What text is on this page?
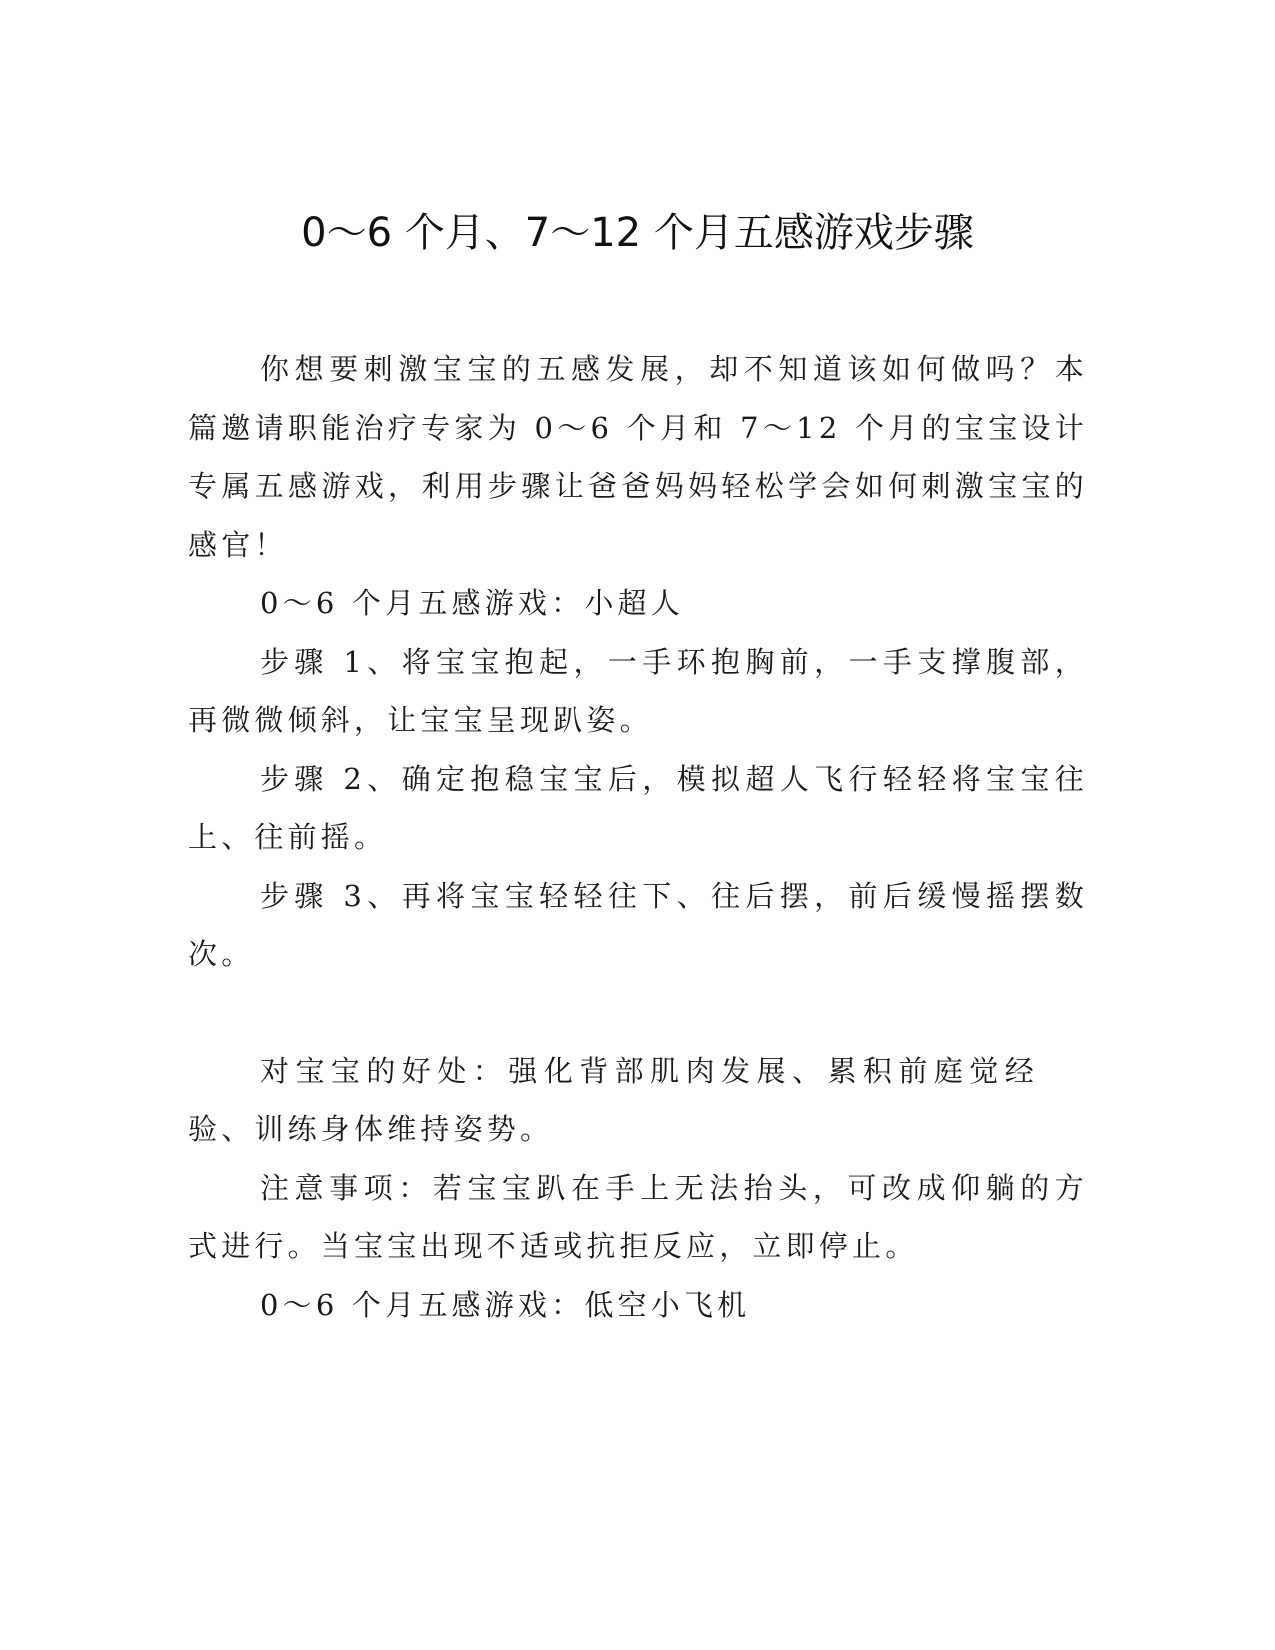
0～6 个月、7～12 个月五感游戏步骤

你想要刺激宝宝的五感发展，却不知道该如何做吗？本篇邀请职能治疗专家为 0～6 个月和 7～12 个月的宝宝设计专属五感游戏，利用步骤让爸爸妈妈轻松学会如何刺激宝宝的感官！

0～6 个月五感游戏：小超人

步骤 1、将宝宝抱起，一手环抱胸前，一手支撑腹部，再微微倾斜，让宝宝呈现趴姿。

步骤 2、确定抱稳宝宝后，模拟超人飞行轻轻将宝宝往上、往前摇。

步骤 3、再将宝宝轻轻往下、往后摆，前后缓慢摇摆数次。

对宝宝的好处：强化背部肌肉发展、累积前庭觉经验、训练身体维持姿势。

注意事项：若宝宝趴在手上无法抬头，可改成仰躺的方式进行。当宝宝出现不适或抗拒反应，立即停止。

0～6 个月五感游戏：低空小飞机
